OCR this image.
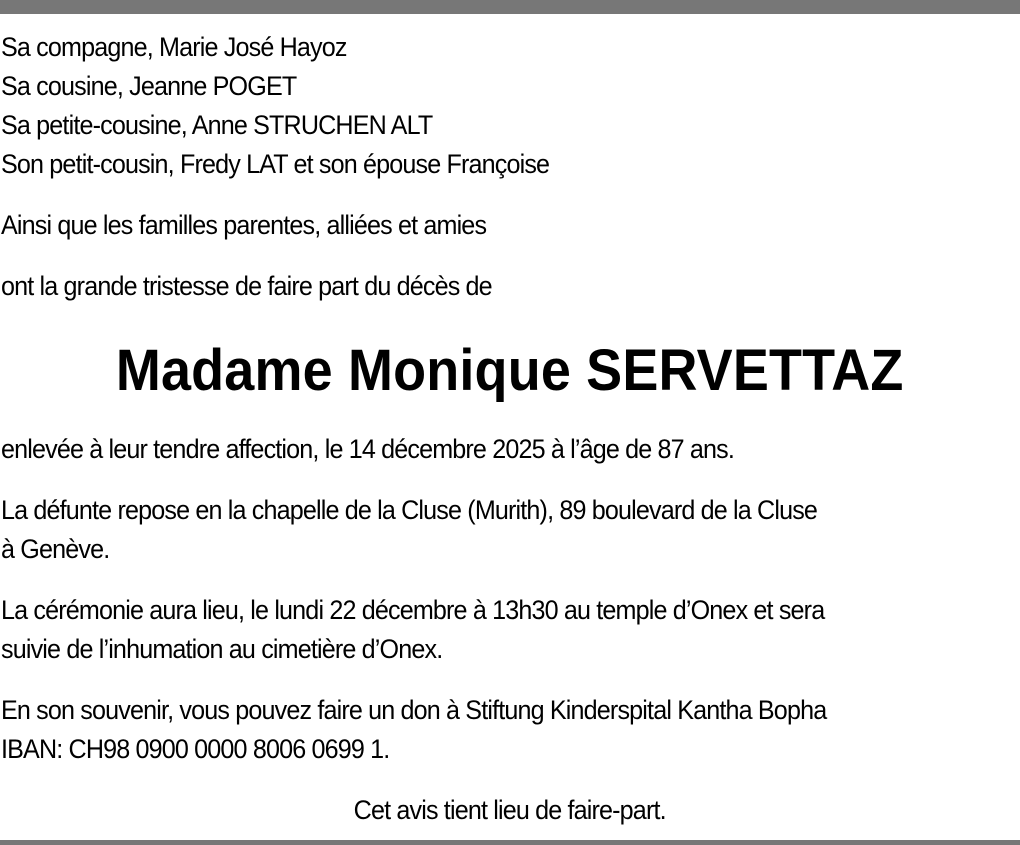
Sa compagne, Marie José Hayoz

Sa cousine, Jeanne POGET

Sa petite-cousine, Anne STRUCHEN ALT

Son petit-cousin, Fredy LAT et son épouse Françoise

Ainsi que les familles parentes, alliées et amies

ont la grande tristesse de faire part du décès de

Madame Monique SERVETTAZ

enlevée à leur tendre affection, le 14 décembre 2025 à l’âge de 87 ans.

La défunte repose en la chapelle de la Cluse (Murith), 89 boulevard de la Cluse

à Genève.

La cérémonie aura lieu, le lundi 22 décembre à 13h30 au temple d’Onex et sera

suivie de l’inhumation au cimetière d’Onex.

En son souvenir, vous pouvez faire un don à Stiftung Kinderspital Kantha Bopha

IBAN: CH98 0900 0000 8006 0699 1.

Cet avis tient lieu de faire-part.
